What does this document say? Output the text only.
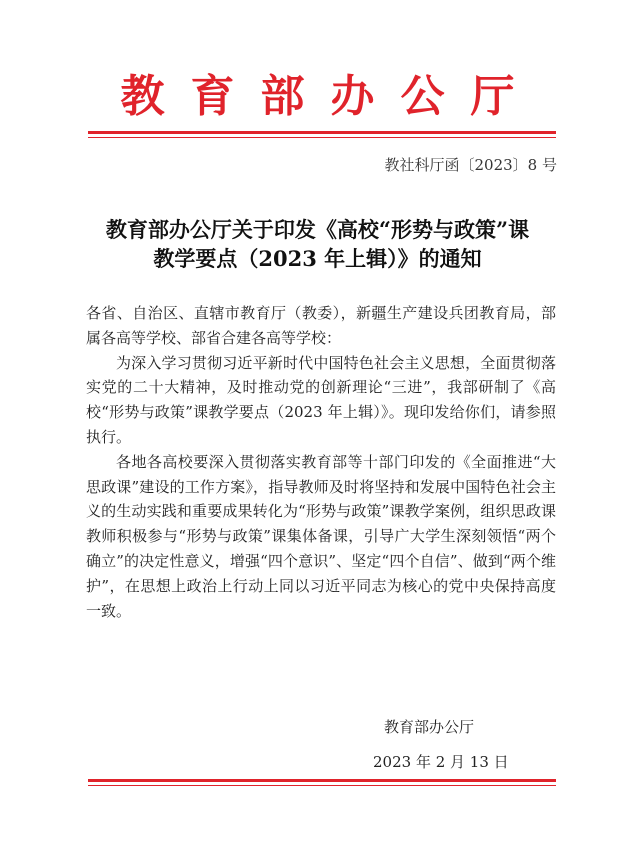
教育部办公厅
教社科厅函〔2023〕8 号
教育部办公厅关于印发《高校“形势与政策”课
教学要点（2023 年上辑）》的通知

各省、自治区、直辖市教育厅（教委），新疆生产建设兵团教育局，部属各高等学校、部省合建各高等学校：

为深入学习贯彻习近平新时代中国特色社会主义思想，全面贯彻落实党的二十大精神，及时推动党的创新理论“三进”，我部研制了《高校“形势与政策”课教学要点（2023 年上辑）》。现印发给你们，请参照执行。

各地各高校要深入贯彻落实教育部等十部门印发的《全面推进“大思政课”建设的工作方案》，指导教师及时将坚持和发展中国特色社会主义的生动实践和重要成果转化为“形势与政策”课教学案例，组织思政课教师积极参与“形势与政策”课集体备课，引导广大学生深刻领悟“两个确立”的决定性意义，增强“四个意识”、坚定“四个自信”、做到“两个维护”，在思想上政治上行动上同以习近平同志为核心的党中央保持高度一致。

教育部办公厅
2023 年 2 月 13 日
